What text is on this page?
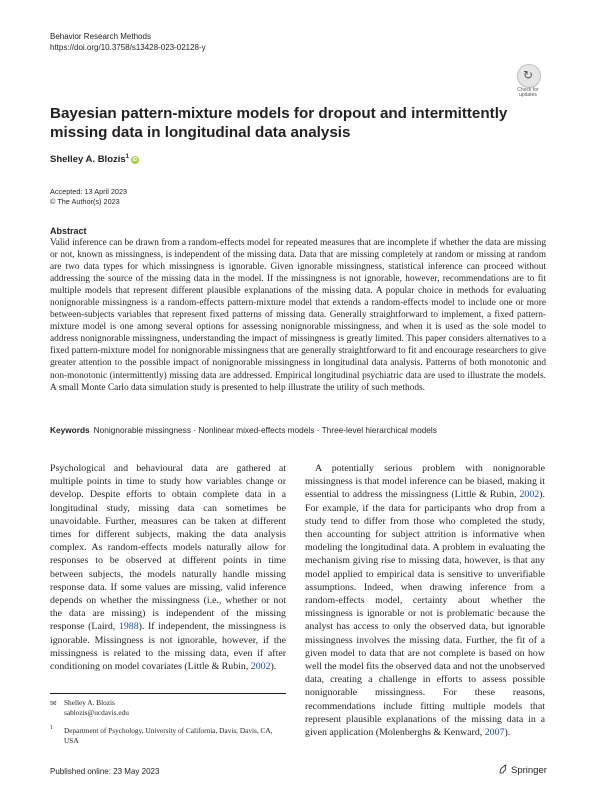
Behavior Research Methods
https://doi.org/10.3758/s13428-023-02128-y
↻
Check for
updates
Bayesian pattern-mixture models for dropout and intermittently missing data in longitudinal data analysis
Shelley A. Blozis$^1$iD
Accepted: 13 April 2023
© The Author(s) 2023
Abstract
Valid inference can be drawn from a random-effects model for repeated measures that are incomplete if whether the data are missing or not, known as missingness, is independent of the missing data. Data that are missing completely at random or missing at random are two data types for which missingness is ignorable. Given ignorable missingness, statistical inference can proceed without addressing the source of the missing data in the model. If the missingness is not ignorable, however, recommendations are to fit multiple models that represent different plausible explanations of the missing data. A popular choice in methods for evaluating nonignorable missingness is a random-effects pattern-mixture model that extends a random-effects model to include one or more between-subjects variables that represent fixed patterns of missing data. Generally straightforward to implement, a fixed pattern-mixture model is one among several options for assessing nonignorable missingness, and when it is used as the sole model to address nonignorable missingness, understanding the impact of missingness is greatly limited. This paper considers alternatives to a fixed pattern-mixture model for nonignorable missingness that are generally straightforward to fit and encourage researchers to give greater attention to the possible impact of nonignorable missingness in longitudinal data analysis. Patterns of both monotonic and non-monotonic (intermittently) missing data are addressed. Empirical longitudinal psychiatric data are used to illustrate the models. A small Monte Carlo data simulation study is presented to help illustrate the utility of such methods.
Keywords Nonignorable missingness · Nonlinear mixed-effects models · Three-level hierarchical models

Psychological and behavioural data are gathered at multiple points in time to study how variables change or develop. Despite efforts to obtain complete data in a longitudinal study, missing data can sometimes be unavoidable. Further, measures can be taken at different times for different subjects, making the data analysis complex. As random-effects models naturally allow for responses to be observed at different points in time between subjects, the models naturally handle missing response data. If some values are missing, valid inference depends on whether the missingness (i.e., whether or not the data are missing) is independent of the missing response (Laird, 1988). If independent, the missingness is ignorable. Missingness is not ignorable, however, if the missingness is related to the missing data, even if after conditioning on model covariates (Little & Rubin, 2002).

A potentially serious problem with nonignorable missingness is that model inference can be biased, making it essential to address the missingness (Little & Rubin, 2002). For example, if the data for participants who drop from a study tend to differ from those who completed the study, then accounting for subject attrition is informative when modeling the longitudinal data. A problem in evaluating the mechanism giving rise to missing data, however, is that any model applied to empirical data is sensitive to unverifiable assumptions. Indeed, when drawing inference from a random-effects model, certainty about whether the missingness is ignorable or not is problematic because the analyst has access to only the observed data, but ignorable missingness involves the missing data. Further, the fit of a given model to data that are not complete is based on how well the model fits the observed data and not the unobserved data, creating a challenge in efforts to assess possible nonignorable missingness. For these reasons, recommendations include fitting multiple models that represent plausible explanations of the missing data in a given application (Molenberghs & Kenward, 2007).

✉ Shelley A. Blozis
sablozis@ucdavis.edu
1 Department of Psychology, University of California, Davis, Davis, CA, USA
Published online: 23 May 2023	Springer
